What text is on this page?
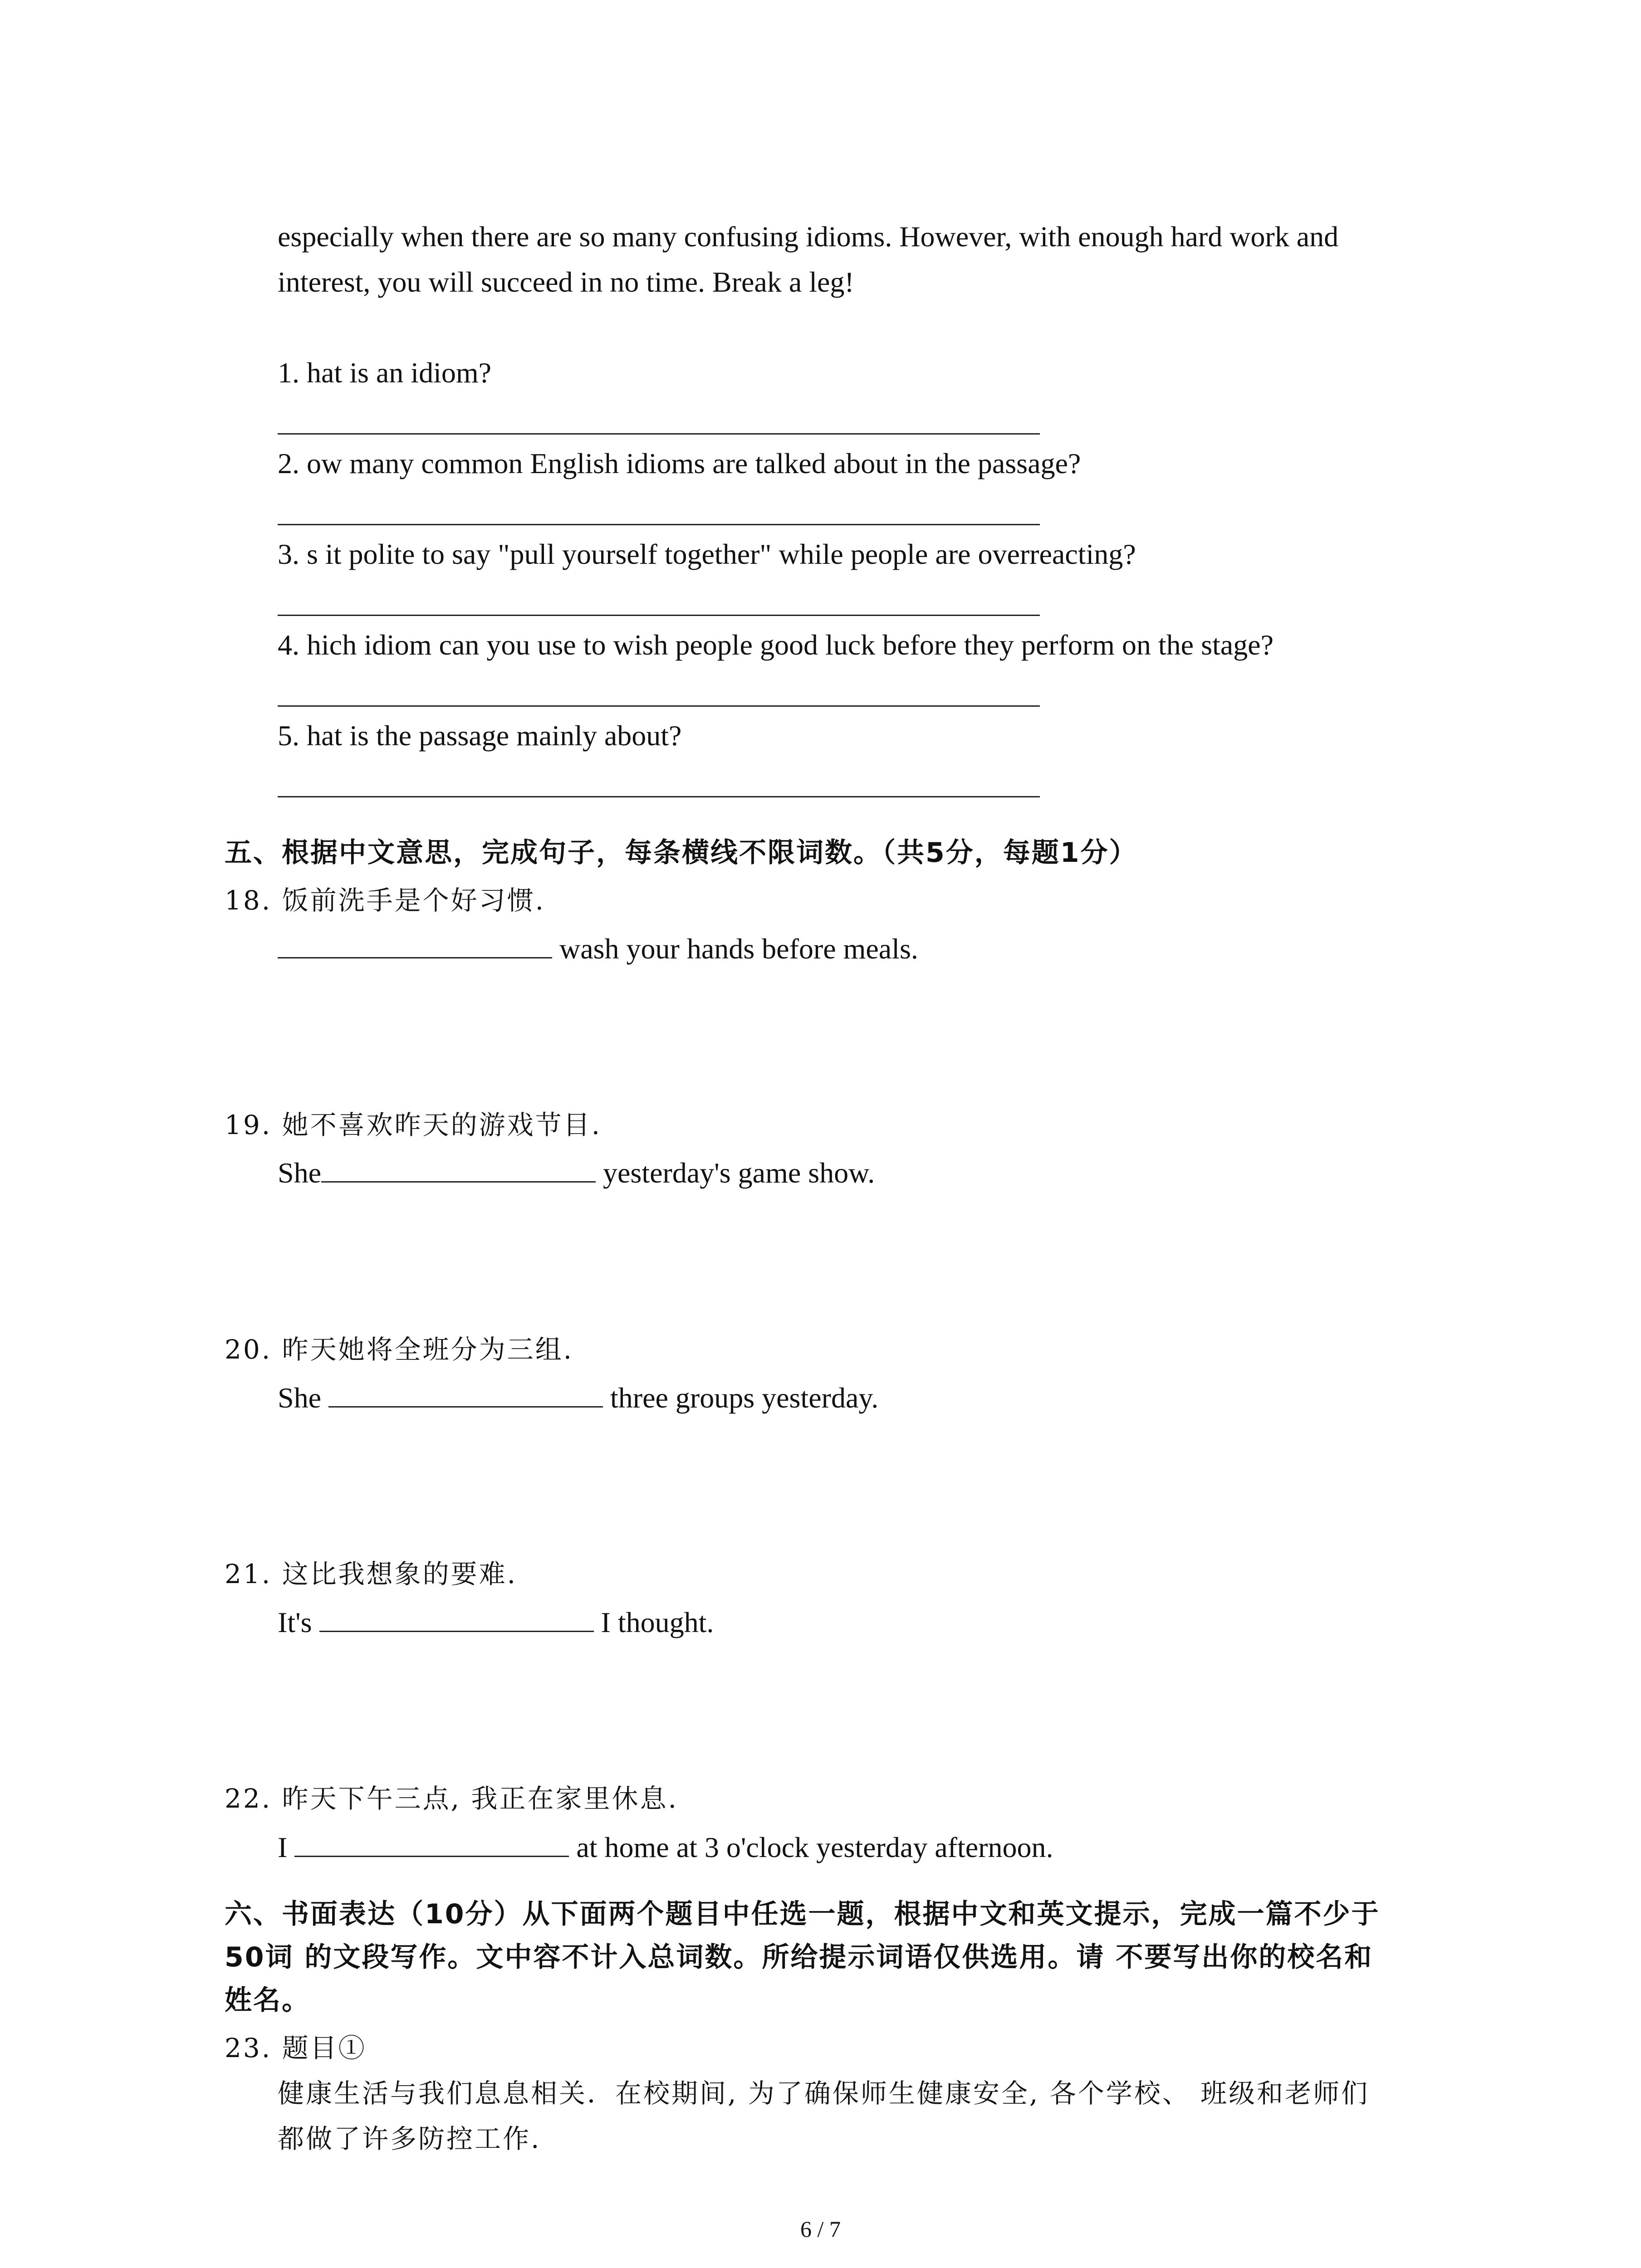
especially when there are so many confusing idioms. However, with enough hard work and
interest, you will succeed in no time. Break a leg!
1. hat is an idiom?
2. ow many common English idioms are talked about in the passage?
3. s it polite to say "pull yourself together" while people are overreacting?
4. hich idiom can you use to wish people good luck before they perform on the stage?
5. hat is the passage mainly about?
五、根据中文意思，完成句子，每条横线不限词数。（共5分，每题1分）
18. 饭前洗手是个好习惯.
wash your hands before meals.
19. 她不喜欢昨天的游戏节目.
She	yesterday's game show.
20. 昨天她将全班分为三组.
She	three groups yesterday.
21. 这比我想象的要难.
It's	I thought.
22. 昨天下午三点, 我正在家里休息.
I	at home at 3 o'clock yesterday afternoon.
六、书面表达（10分）从下面两个题目中任选一题，根据中文和英文提示，完成一篇不少于
50词 的文段写作。文中容不计入总词数。所给提示词语仅供选用。请 不要写出你的校名和
姓名。
23. 题目①
健康生活与我们息息相关．在校期间, 为了确保师生健康安全, 各个学校、 班级和老师们
都做了许多防控工作.
6 / 7
